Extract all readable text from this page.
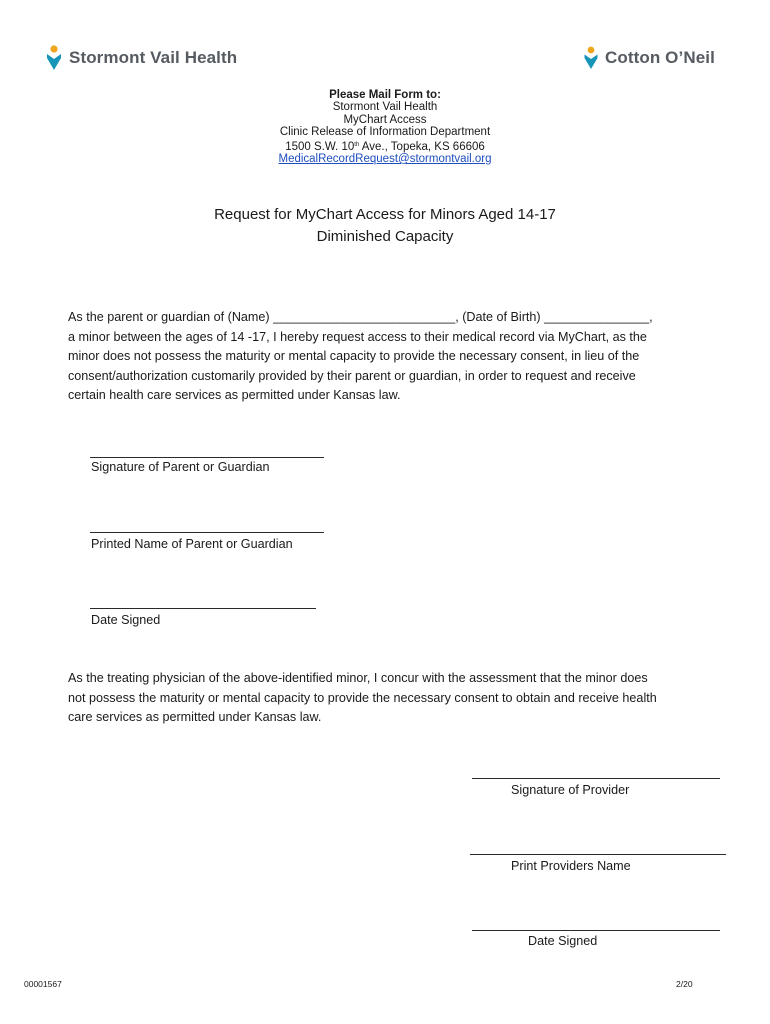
Stormont Vail Health	Cotton O’Neil
Please Mail Form to:
Stormont Vail Health
MyChart Access
Clinic Release of Information Department
1500 S.W. 10th Ave., Topeka, KS 66606
MedicalRecordRequest@stormontvail.org
Request for MyChart Access for Minors Aged 14-17
Diminished Capacity
As the parent or guardian of (Name) __________________________, (Date of Birth) _______________,
a minor between the ages of 14 -17, I hereby request access to their medical record via MyChart, as the
minor does not possess the maturity or mental capacity to provide the necessary consent, in lieu of the
consent/authorization customarily provided by their parent or guardian, in order to request and receive
certain health care services as permitted under Kansas law.
Signature of Parent or Guardian
Printed Name of Parent or Guardian
Date Signed
As the treating physician of the above-identified minor, I concur with the assessment that the minor does
not possess the maturity or mental capacity to provide the necessary consent to obtain and receive health
care services as permitted under Kansas law.
Signature of Provider
Print Providers Name
Date Signed
00001567	2/20
